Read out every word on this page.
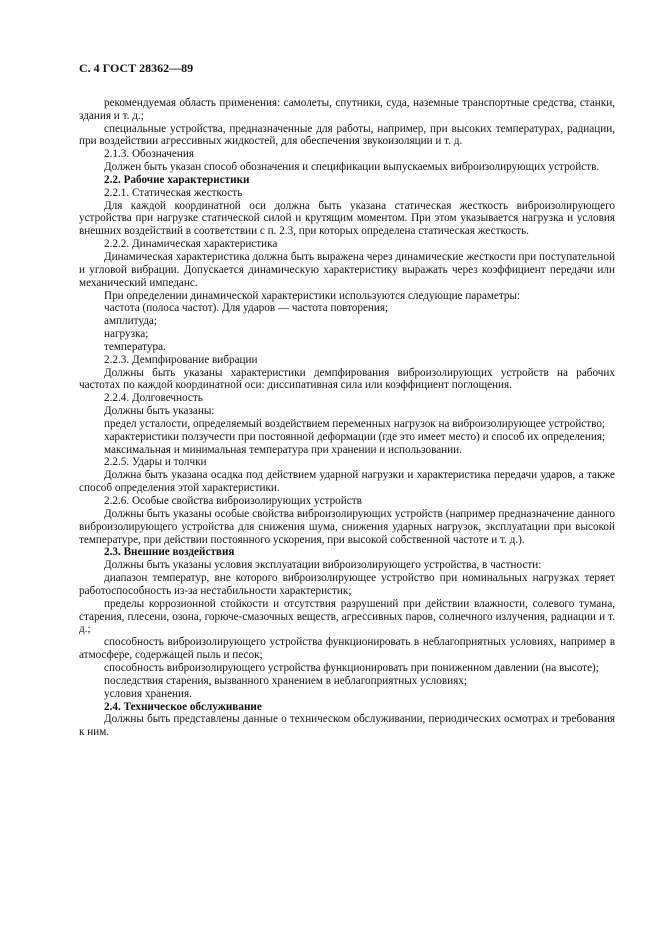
С. 4 ГОСТ 28362—89

рекомендуемая область применения: самолеты, спутники, суда, наземные транспортные средства, станки, здания и т. д.;

специальные устройства, предназначенные для работы, например, при высоких температурах, радиации, при воздействии агрессивных жидкостей, для обеспечения звукоизоляции и т. д.

2.1.3. Обозначения

Должен быть указан способ обозначения и спецификации выпускаемых виброизолирующих устройств.

2.2. Рабочие характеристики

2.2.1. Статическая жесткость

Для каждой координатной оси должна быть указана статическая жесткость виброизолирующего устройства при нагрузке статической силой и крутящим моментом. При этом указывается нагрузка и условия внешних воздействий в соответствии с п. 2.3, при которых определена статическая жесткость.

2.2.2. Динамическая характеристика

Динамическая характеристика должна быть выражена через динамические жесткости при поступательной и угловой вибрации. Допускается динамическую характеристику выражать через коэффициент передачи или механический импеданс.

При определении динамической характеристики используются следующие параметры:

частота (полоса частот). Для ударов — частота повторения;

амплитуда;

нагрузка;

температура.

2.2.3. Демпфирование вибрации

Должны быть указаны характеристики демпфирования виброизолирующих устройств на рабочих частотах по каждой координатной оси: диссипативная сила или коэффициент поглощения.

2.2.4. Долговечность

Должны быть указаны:

предел усталости, определяемый воздействием переменных нагрузок на виброизолирующее устройство;

характеристики ползучести при постоянной деформации (где это имеет место) и способ их определения;

максимальная и минимальная температура при хранении и использовании.

2.2.5. Удары и толчки

Должна быть указана осадка под действием ударной нагрузки и характеристика передачи ударов, а также способ определения этой характеристики.

2.2.6. Особые свойства виброизолирующих устройств

Должны быть указаны особые свойства виброизолирующих устройств (например предназначение данного виброизолирующего устройства для снижения шума, снижения ударных нагрузок, эксплуатации при высокой температуре, при действии постоянного ускорения, при высокой собственной частоте и т. д.).

2.3. Внешние воздействия

Должны быть указаны условия эксплуатации виброизолирующего устройства, в частности:

диапазон температур, вне которого виброизолирующее устройство при номинальных нагрузках теряет работоспособность из-за нестабильности характеристик;

пределы коррозионной стойкости и отсутствия разрушений при действии влажности, солевого тумана, старения, плесени, озона, горюче-смазочных веществ, агрессивных паров, солнечного излучения, радиации и т. д.;

способность виброизолирующего устройства функционировать в неблагоприятных условиях, например в атмосфере, содержащей пыль и песок;

способность виброизолирующего устройства функционировать при пониженном давлении (на высоте);

последствия старения, вызванного хранением в неблагоприятных условиях;

условия хранения.

2.4. Техническое обслуживание

Должны быть представлены данные о техническом обслуживании, периодических осмотрах и требования к ним.
